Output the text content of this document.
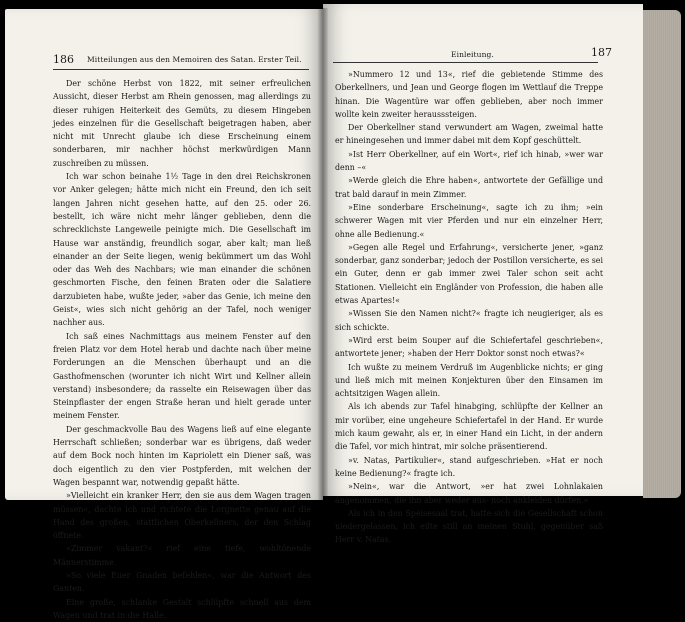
186 Mitteilungen aus den Memoiren des Satan. Erster Teil.

Der schöne Herbst von 1822, mit seiner erfreulichen Aussicht, dieser Herbst am Rhein genossen, mag allerdings zu dieser ruhigen Heiterkeit des Gemüts, zu diesem Hingeben jedes einzelnen für die Gesellschaft beigetragen haben, aber nicht mit Unrecht glaube ich diese Erscheinung einem sonderbaren, mir nachher höchst merkwürdigen Mann zuschreiben zu müssen.

Ich war schon beinahe 1½ Tage in den drei Reichskronen vor Anker gelegen; hätte mich nicht ein Freund, den ich seit langen Jahren nicht gesehen hatte, auf den 25. oder 26. bestellt, ich wäre nicht mehr länger geblieben, denn die schrecklichste Langeweile peinigte mich. Die Gesellschaft im Hause war anständig, freundlich sogar, aber kalt; man ließ einander an der Seite liegen, wenig bekümmert um das Wohl oder das Weh des Nachbars; wie man einander die schönen geschmorten Fische, den feinen Braten oder die Salatiere darzubieten habe, wußte jeder, »aber das Genie, ich meine den Geist«, wies sich nicht gehörig an der Tafel, noch weniger nachher aus.

Ich saß eines Nachmittags aus meinem Fenster auf den freien Platz vor dem Hotel herab und dachte nach über meine Forderungen an die Menschen überhaupt und an die Gasthofmenschen (worunter ich nicht Wirt und Kellner allein verstand) insbesondere; da rasselte ein Reisewagen über das Steinpflaster der engen Straße heran und hielt gerade unter meinem Fenster.

Der geschmackvolle Bau des Wagens ließ auf eine elegante Herrschaft schließen; sonderbar war es übrigens, daß weder auf dem Bock noch hinten im Kapriolett ein Diener saß, was doch eigentlich zu den vier Postpferden, mit welchen der Wagen bespannt war, notwendig gepaßt hätte.

»Vielleicht ein kranker Herr, den sie aus dem Wagen tragen müssen«, dachte ich und richtete die Lorgnette genau auf die Hand des großen, stattlichen Oberkellners, der den Schlag öffnete.

»Zimmer vakant?« rief eine tiefe, wohltönende Männerstimme.

»So viele Euer Gnaden befehlen«, war die Antwort des Ganten.

Eine große, schlanke Gestalt schlüpfte schnell aus dem Wagen und trat in die Halle.

Einleitung.	187

»Nummero 12 und 13«, rief die gebietende Stimme des Oberkellners, und Jean und George flogen im Wettlauf die Treppe hinan. Die Wagentüre war offen geblieben, aber noch immer wollte kein zweiter herausssteigen.

Der Oberkellner stand verwundert am Wagen, zweimal hatte er hineingesehen und immer dabei mit dem Kopf geschüttelt.

»Ist Herr Oberkellner, auf ein Wort«, rief ich hinab, »wer war denn –«

»Werde gleich die Ehre haben«, antwortete der Gefällige und trat bald darauf in mein Zimmer.

»Eine sonderbare Erscheinung«, sagte ich zu ihm; »ein schwerer Wagen mit vier Pferden und nur ein einzelner Herr, ohne alle Bedienung.«

»Gegen alle Regel und Erfahrung«, versicherte jener, »ganz sonderbar, ganz sonderbar; jedoch der Postillon versicherte, es sei ein Guter, denn er gab immer zwei Taler schon seit acht Stationen. Vielleicht ein Engländer von Profession, die haben alle etwas Apartes!«

»Wissen Sie den Namen nicht?« fragte ich neugieriger, als es sich schickte.

»Wird erst beim Souper auf die Schiefertafel geschrieben«, antwortete jener; »haben der Herr Doktor sonst noch etwas?«

Ich wußte zu meinem Verdruß im Augenblicke nichts; er ging und ließ mich mit meinen Konjekturen über den Einsamen im achtsitzigen Wagen allein.

Als ich abends zur Tafel hinabging, schlüpfte der Kellner an mir vorüber, eine ungeheure Schiefertafel in der Hand. Er wurde mich kaum gewahr, als er, in einer Hand ein Licht, in der andern die Tafel, vor mich hintrat, mir solche präsentierend.

»v. Natas, Partikulier«, stand aufgeschrieben. »Hat er noch keine Bedienung?« fragte ich.

»Nein«, war die Antwort, »er hat zwei Lohnlakaien angenommen, die ihn aber weder aus- noch ankleiden dürfen.«

Als ich in den Speisesaal trat, hatte sich die Gesellschaft schon niedergelassen, ich eilte still an meinen Stuhl, gegenüber saß Herr v. Natas.
